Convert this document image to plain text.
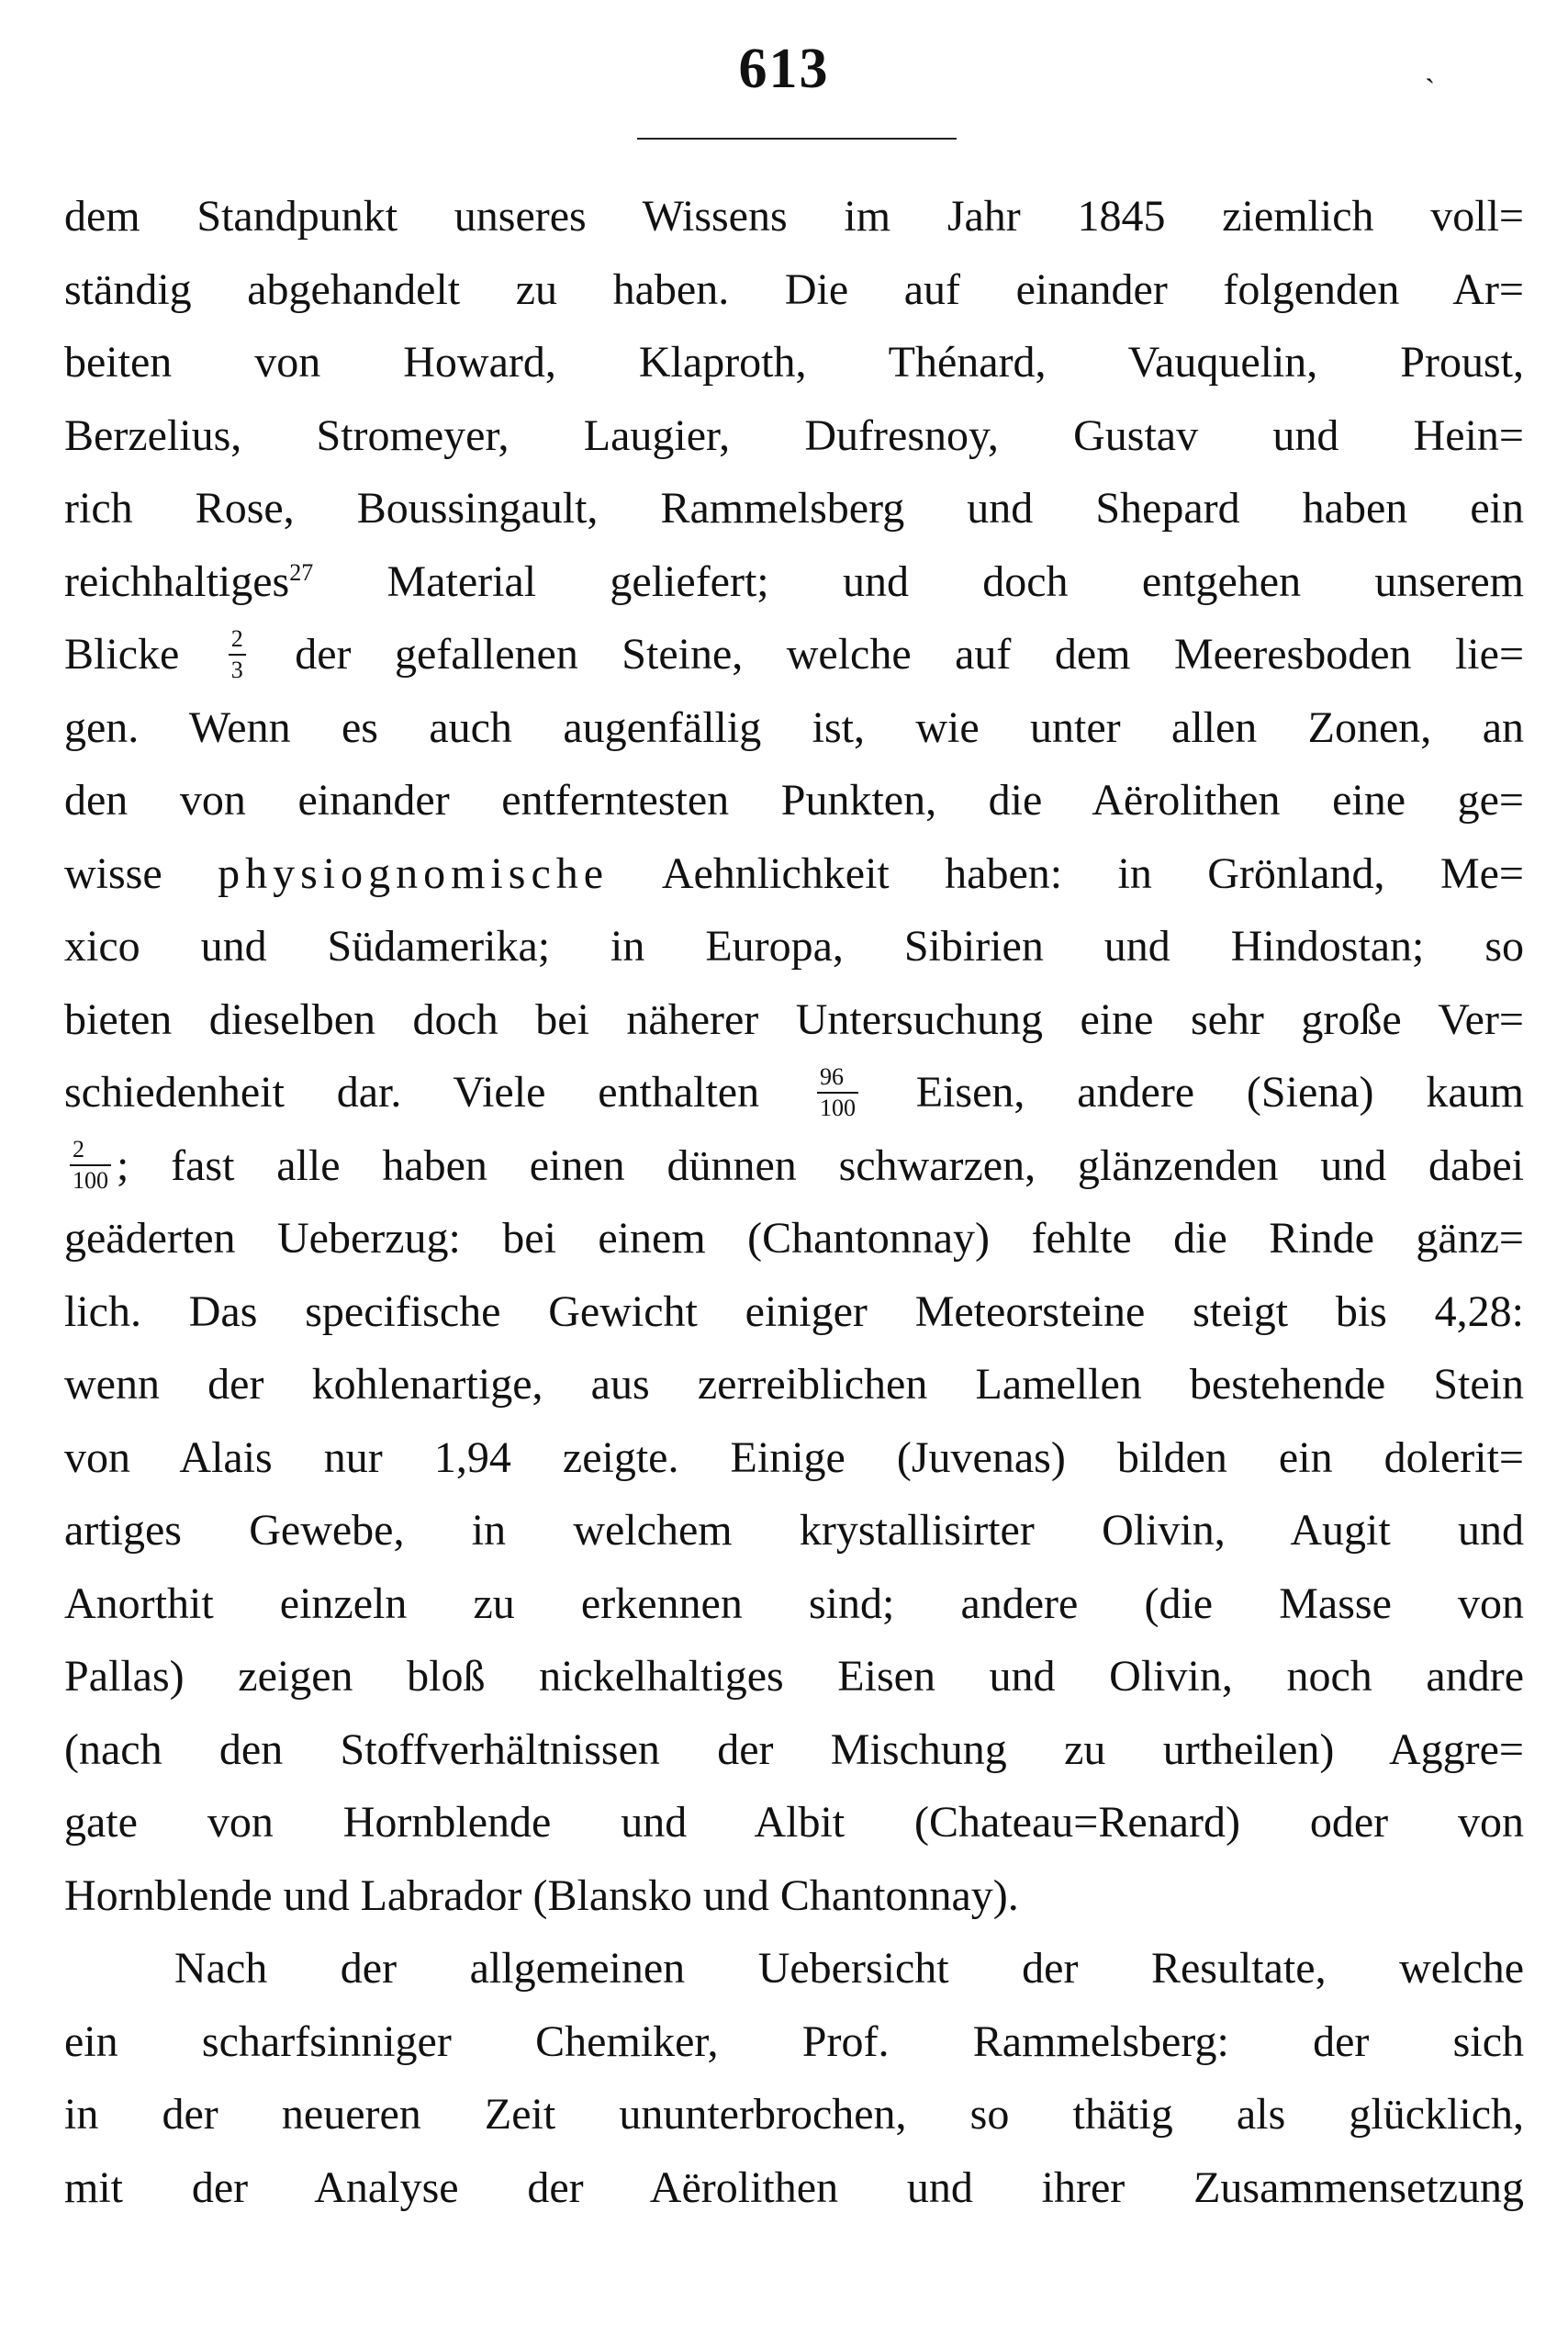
613	`
dem Standpunkt unseres Wissens im Jahr 1845 ziemlich voll=
ständig abgehandelt zu haben. Die auf einander folgenden Ar=
beiten von Howard, Klaproth, Thénard, Vauquelin, Proust,
Berzelius, Stromeyer, Laugier, Dufresnoy, Gustav und Hein=
rich Rose, Boussingault, Rammelsberg und Shepard haben ein
reichhaltiges$^{27}$ Material geliefert; und doch entgehen unserem
Blicke $\frac{2}{3}$ der gefallenen Steine, welche auf dem Meeresboden lie=
gen. Wenn es auch augenfällig ist, wie unter allen Zonen, an
den von einander entferntesten Punkten, die Aërolithen eine ge=
wisse physiognomische Aehnlichkeit haben: in Grönland, Me=
xico und Südamerika; in Europa, Sibirien und Hindostan; so
bieten dieselben doch bei näherer Untersuchung eine sehr große Ver=
schiedenheit dar. Viele enthalten $\frac{96}{100}$ Eisen, andere (Siena) kaum
$\frac{2}{100}$ ; fast alle haben einen dünnen schwarzen, glänzenden und dabei
geäderten Ueberzug: bei einem (Chantonnay) fehlte die Rinde gänz=
lich. Das specifische Gewicht einiger Meteorsteine steigt bis 4,28:
wenn der kohlenartige, aus zerreiblichen Lamellen bestehende Stein
von Alais nur 1,94 zeigte. Einige (Juvenas) bilden ein dolerit=
artiges Gewebe, in welchem krystallisirter Olivin, Augit und
Anorthit einzeln zu erkennen sind; andere (die Masse von
Pallas) zeigen bloß nickelhaltiges Eisen und Olivin, noch andre
(nach den Stoffverhältnissen der Mischung zu urtheilen) Aggre=
gate von Hornblende und Albit (Chateau=Renard) oder von
Hornblende und Labrador (Blansko und Chantonnay).
Nach der allgemeinen Uebersicht der Resultate, welche
ein scharfsinniger Chemiker, Prof. Rammelsberg: der sich
in der neueren Zeit ununterbrochen, so thätig als glücklich,
mit der Analyse der Aërolithen und ihrer Zusammensetzung
